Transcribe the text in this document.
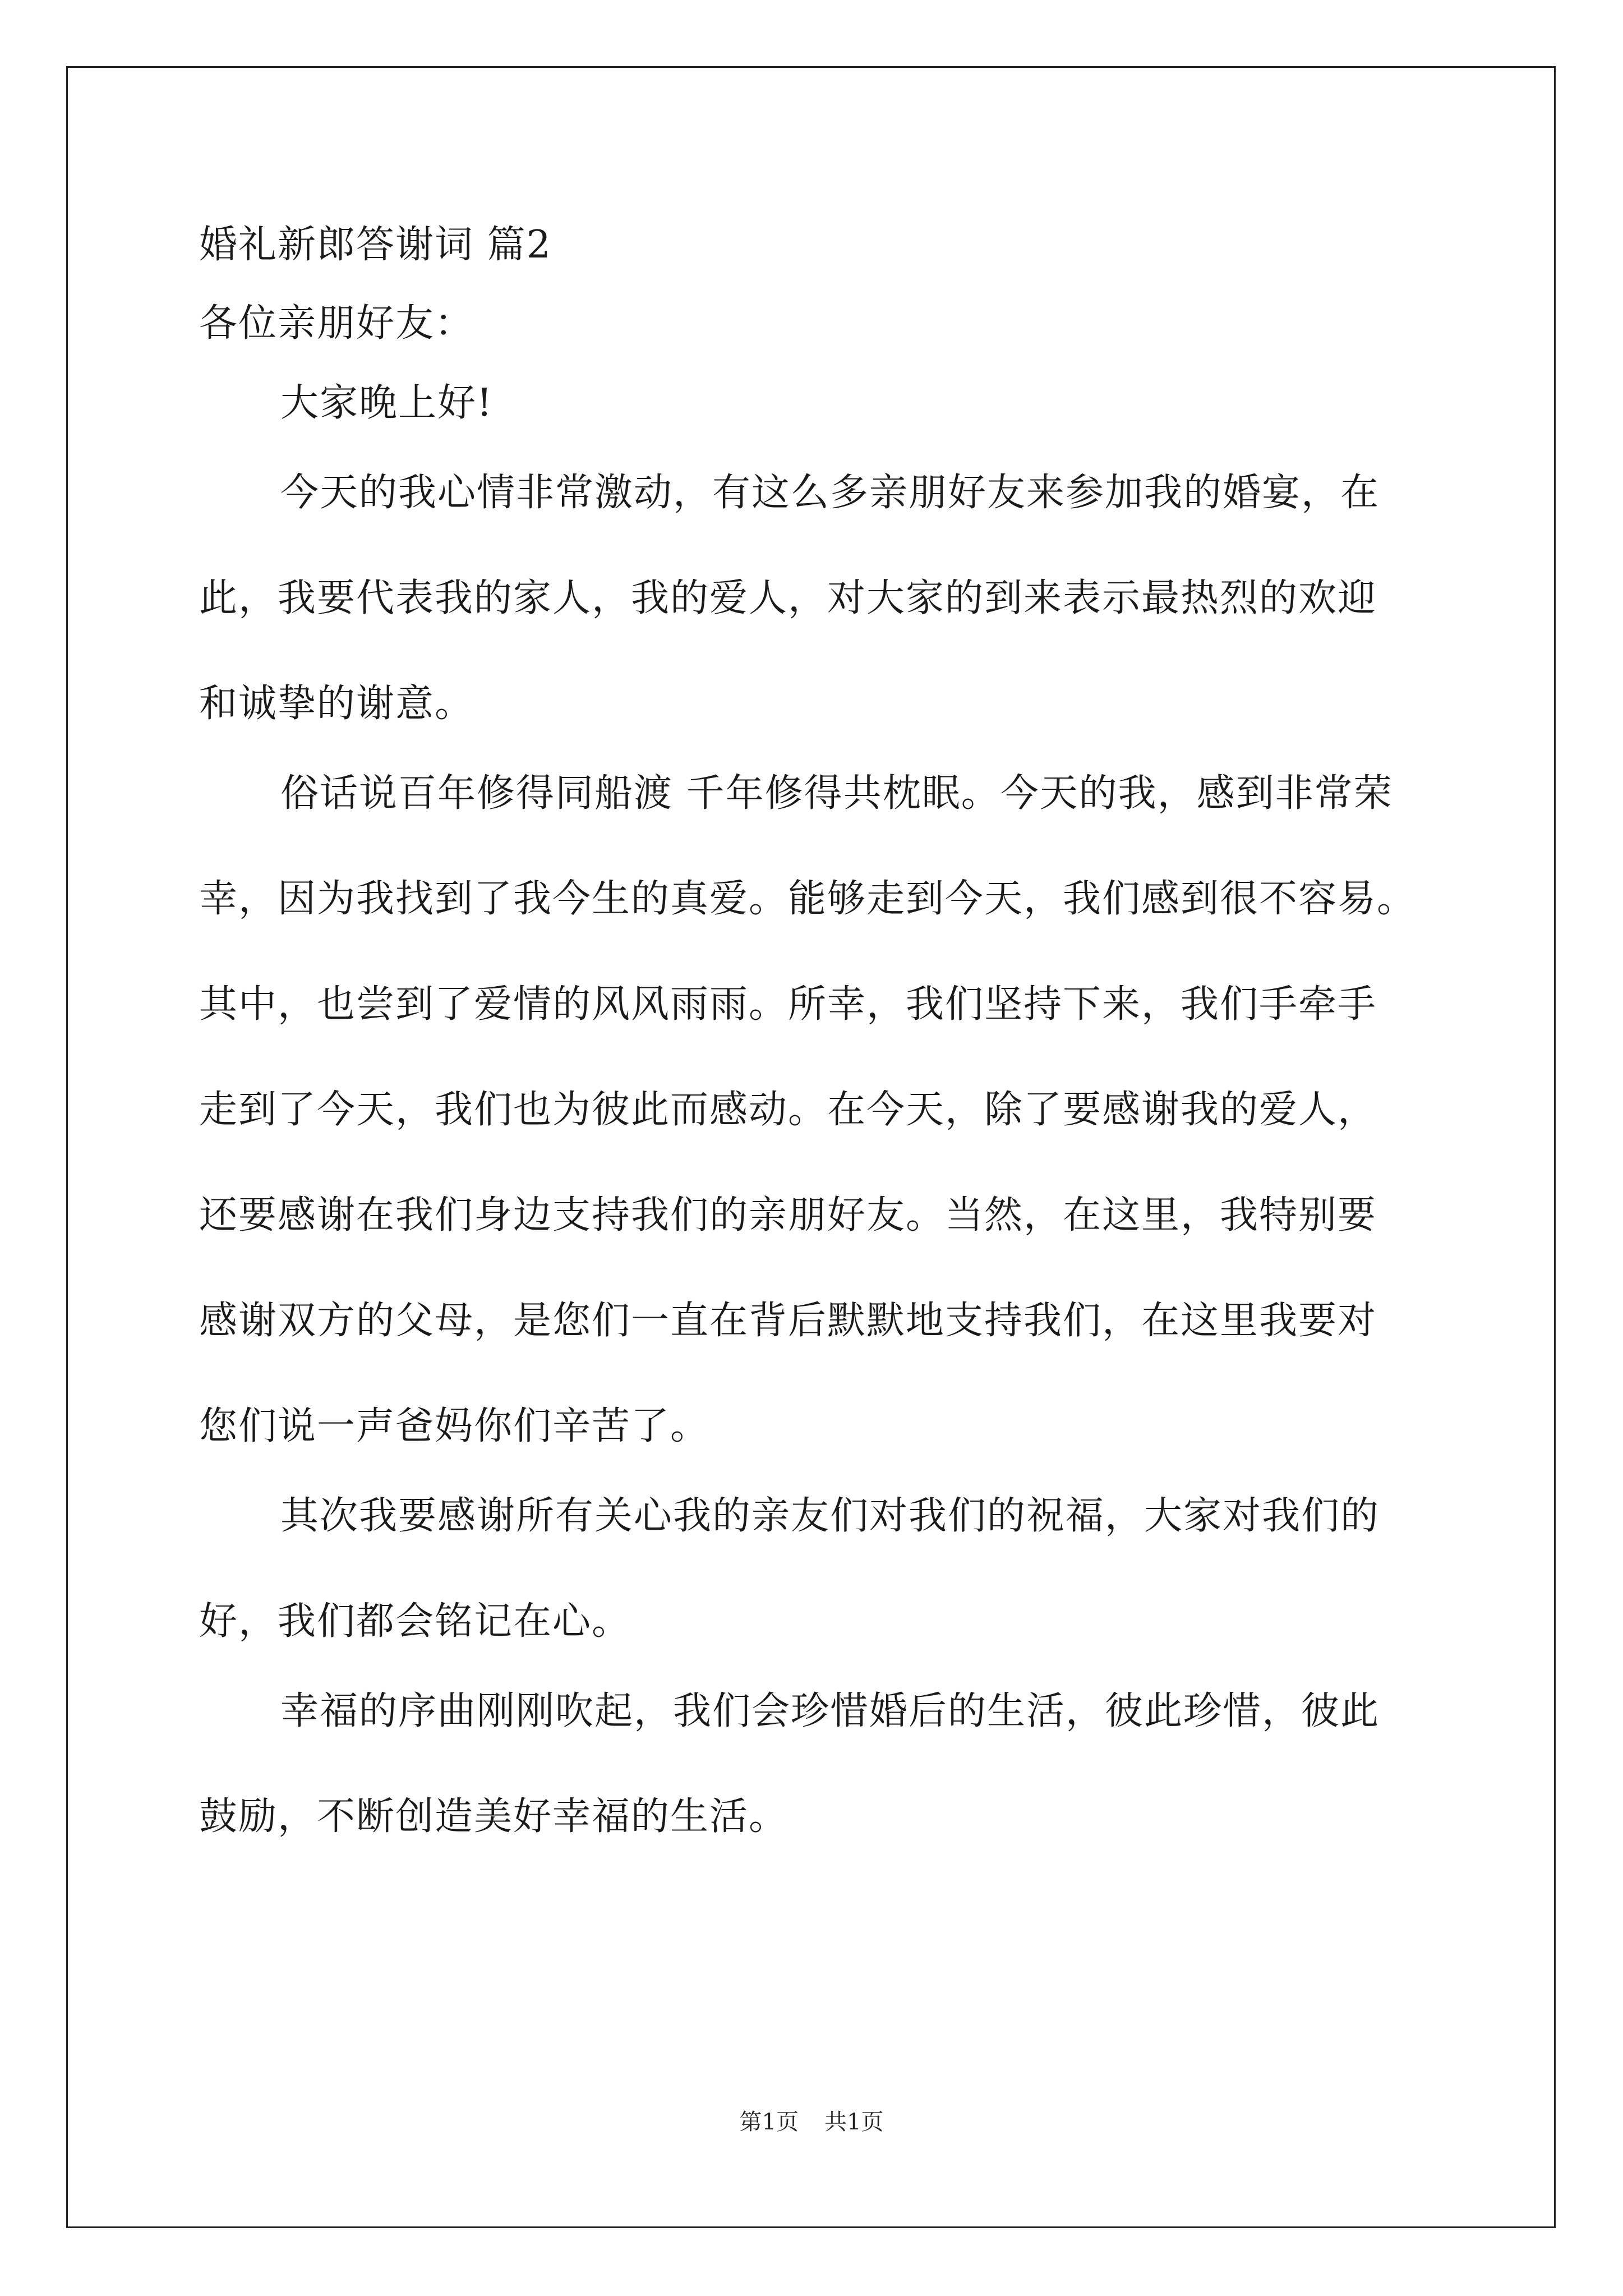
婚礼新郎答谢词 篇2
各位亲朋好友：
大家晚上好!
今天的我心情非常激动，有这么多亲朋好友来参加我的婚宴，在
此，我要代表我的家人，我的爱人，对大家的到来表示最热烈的欢迎
和诚挚的谢意。
俗话说百年修得同船渡 千年修得共枕眠。今天的我，感到非常荣
幸，因为我找到了我今生的真爱。能够走到今天，我们感到很不容易。
其中，也尝到了爱情的风风雨雨。所幸，我们坚持下来，我们手牵手
走到了今天，我们也为彼此而感动。在今天，除了要感谢我的爱人，
还要感谢在我们身边支持我们的亲朋好友。当然，在这里，我特别要
感谢双方的父母，是您们一直在背后默默地支持我们，在这里我要对
您们说一声爸妈你们辛苦了。
其次我要感谢所有关心我的亲友们对我们的祝福，大家对我们的
好，我们都会铭记在心。
幸福的序曲刚刚吹起，我们会珍惜婚后的生活，彼此珍惜，彼此
鼓励，不断创造美好幸福的生活。
第1页 共1页
